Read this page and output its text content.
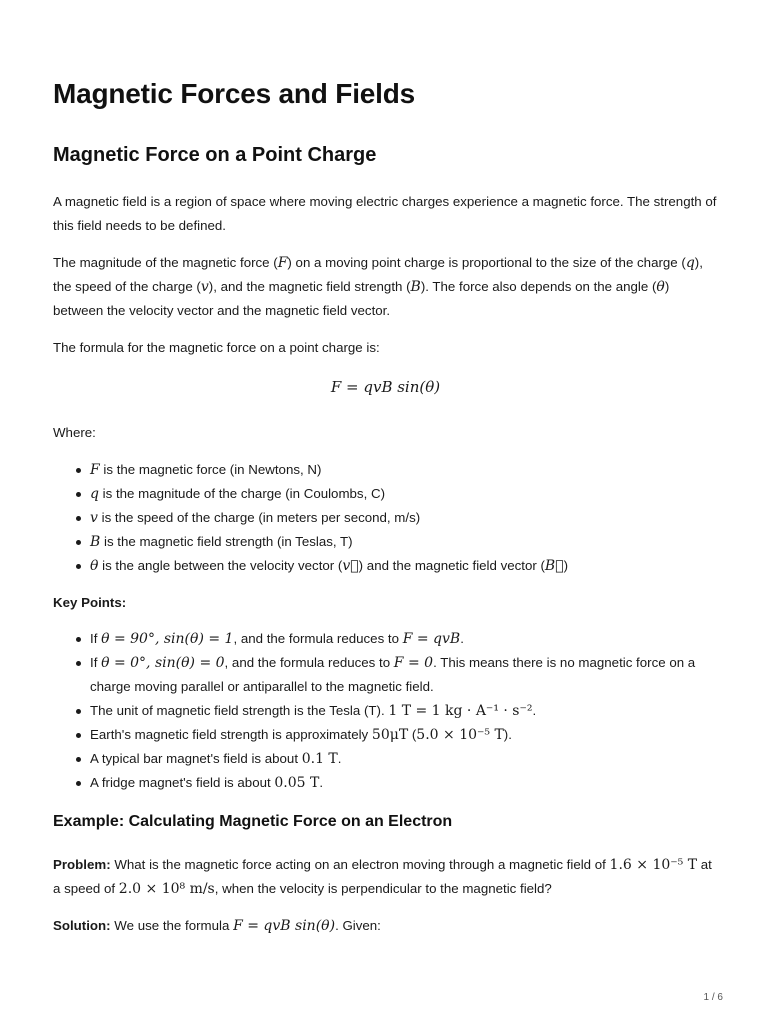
Magnetic Forces and Fields
Magnetic Force on a Point Charge

A magnetic field is a region of space where moving electric charges experience a magnetic force. The strength of this field needs to be defined.

The magnitude of the magnetic force (F) on a moving point charge is proportional to the size of the charge (q), the speed of the charge (v), and the magnetic field strength (B). The force also depends on the angle (θ) between the velocity vector and the magnetic field vector.

The formula for the magnetic force on a point charge is:

F = qvB sin(θ)

Where:

F is the magnetic force (in Newtons, N)
q is the magnitude of the charge (in Coulombs, C)
v is the speed of the charge (in meters per second, m/s)
B is the magnetic field strength (in Teslas, T)
θ is the angle between the velocity vector (v⃗) and the magnetic field vector (B⃗)

Key Points:

If θ = 90°, sin(θ) = 1, and the formula reduces to F = qvB.
If θ = 0°, sin(θ) = 0, and the formula reduces to F = 0. This means there is no magnetic force on a charge moving parallel or antiparallel to the magnetic field.
The unit of magnetic field strength is the Tesla (T). 1 T = 1 kg · A⁻¹ · s⁻².
Earth's magnetic field strength is approximately 50μT (5.0 × 10⁻⁵ T).
A typical bar magnet's field is about 0.1 T.
A fridge magnet's field is about 0.05 T.
Example: Calculating Magnetic Force on an Electron

Problem: What is the magnetic force acting on an electron moving through a magnetic field of 1.6 × 10⁻⁵ T at a speed of 2.0 × 10⁸ m/s, when the velocity is perpendicular to the magnetic field?

Solution: We use the formula F = qvB sin(θ). Given:

1 / 6
